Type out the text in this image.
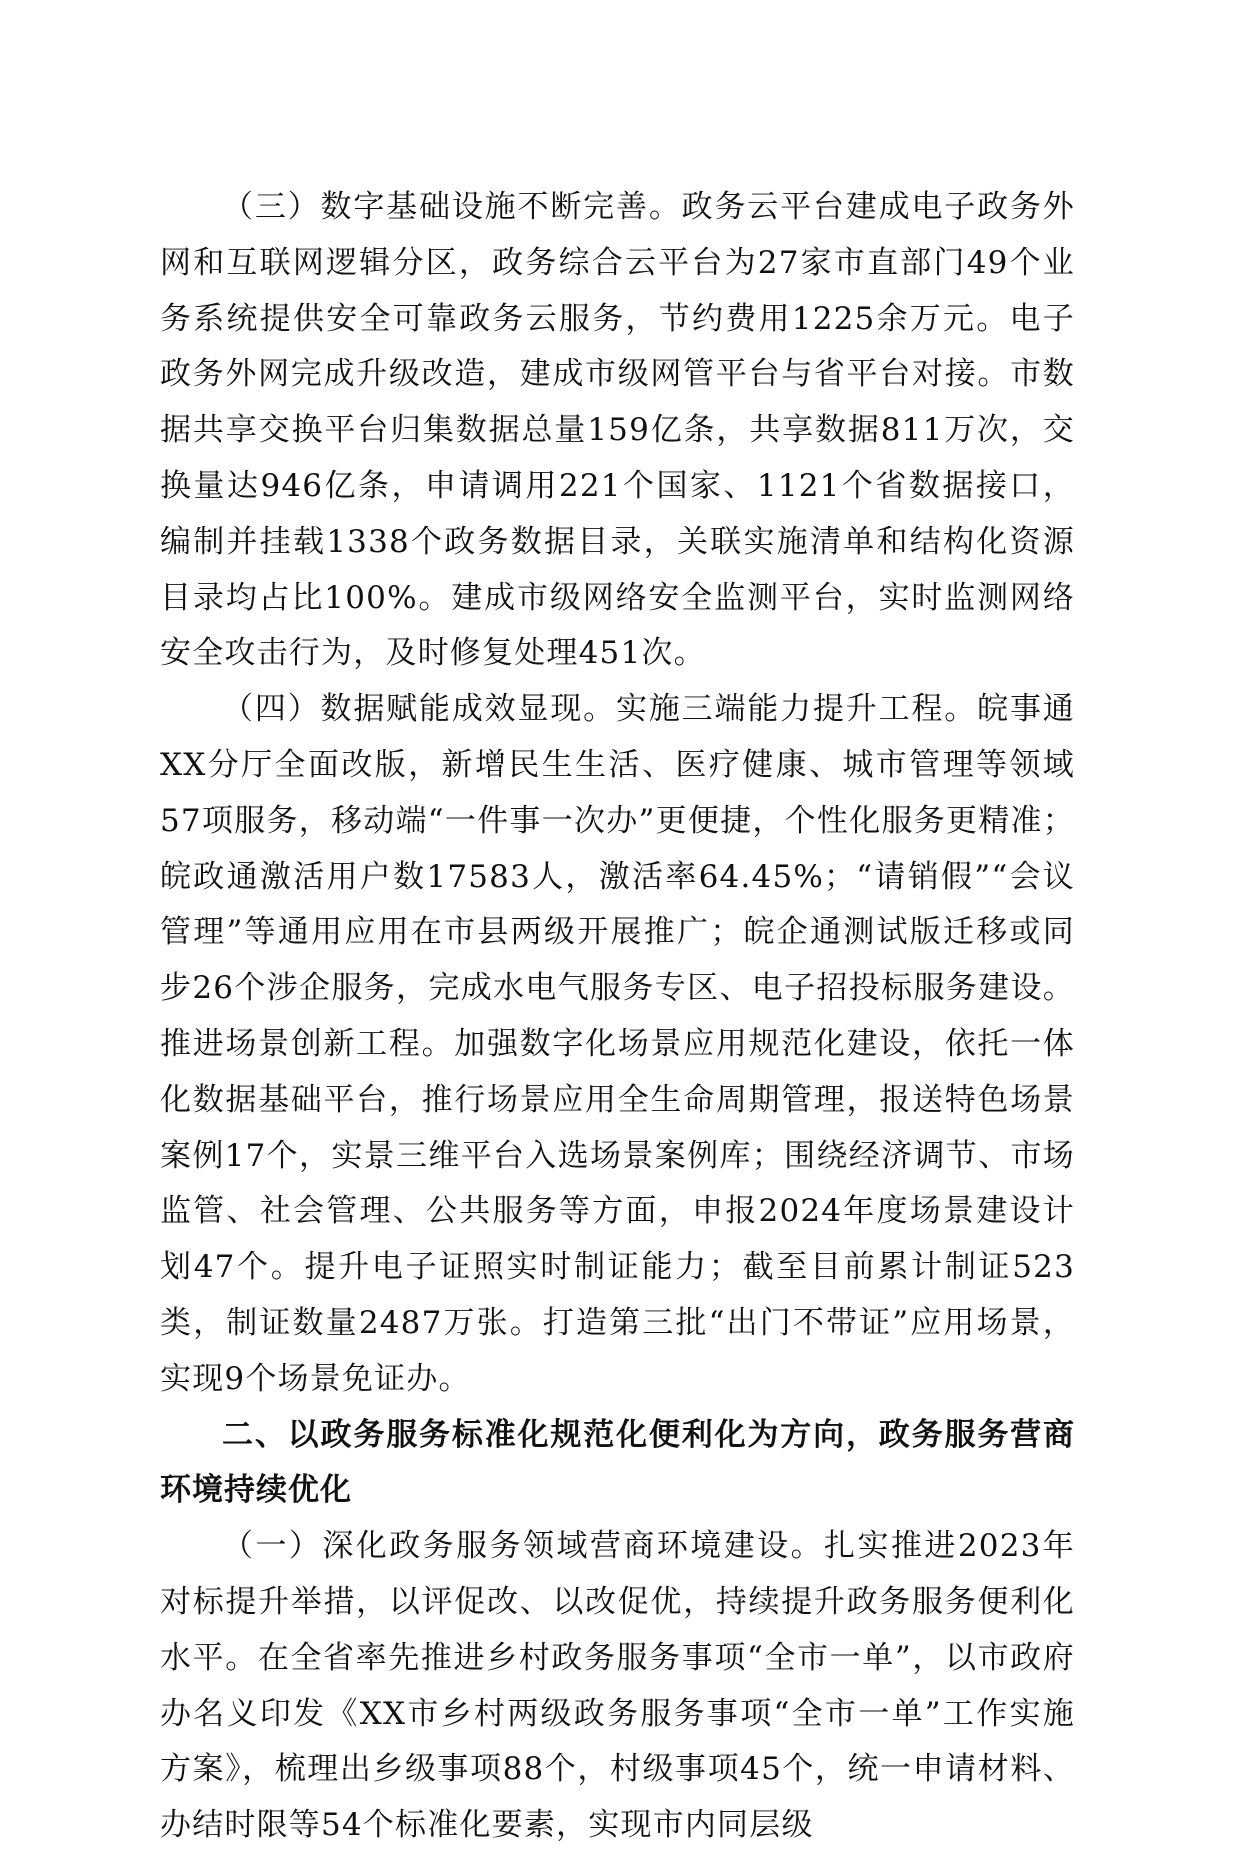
（三）数字基础设施不断完善。政务云平台建成电子政务外网和互联网逻辑分区，政务综合云平台为27家市直部门49个业务系统提供安全可靠政务云服务，节约费用1225余万元。电子政务外网完成升级改造，建成市级网管平台与省平台对接。市数据共享交换平台归集数据总量159亿条，共享数据811万次，交换量达946亿条，申请调用221个国家、1121个省数据接口，编制并挂载1338个政务数据目录，关联实施清单和结构化资源目录均占比100%。建成市级网络安全监测平台，实时监测网络安全攻击行为，及时修复处理451次。

（四）数据赋能成效显现。实施三端能力提升工程。皖事通XX分厅全面改版，新增民生生活、医疗健康、城市管理等领域57项服务，移动端“一件事一次办”更便捷，个性化服务更精准；皖政通激活用户数17583人，激活率64.45%；“请销假”“会议管理”等通用应用在市县两级开展推广；皖企通测试版迁移或同步26个涉企服务，完成水电气服务专区、电子招投标服务建设。推进场景创新工程。加强数字化场景应用规范化建设，依托一体化数据基础平台，推行场景应用全生命周期管理，报送特色场景案例17个，实景三维平台入选场景案例库；围绕经济调节、市场监管、社会管理、公共服务等方面，申报2024年度场景建设计划47个。提升电子证照实时制证能力；截至目前累计制证523类，制证数量2487万张。打造第三批“出门不带证”应用场景，实现9个场景免证办。

二、以政务服务标准化规范化便利化为方向，政务服务营商环境持续优化

（一）深化政务服务领域营商环境建设。扎实推进2023年对标提升举措，以评促改、以改促优，持续提升政务服务便利化水平。在全省率先推进乡村政务服务事项“全市一单”，以市政府办名义印发《XX市乡村两级政务服务事项“全市一单”工作实施方案》，梳理出乡级事项88个，村级事项45个，统一申请材料、办结时限等54个标准化要素，实现市内同层级
